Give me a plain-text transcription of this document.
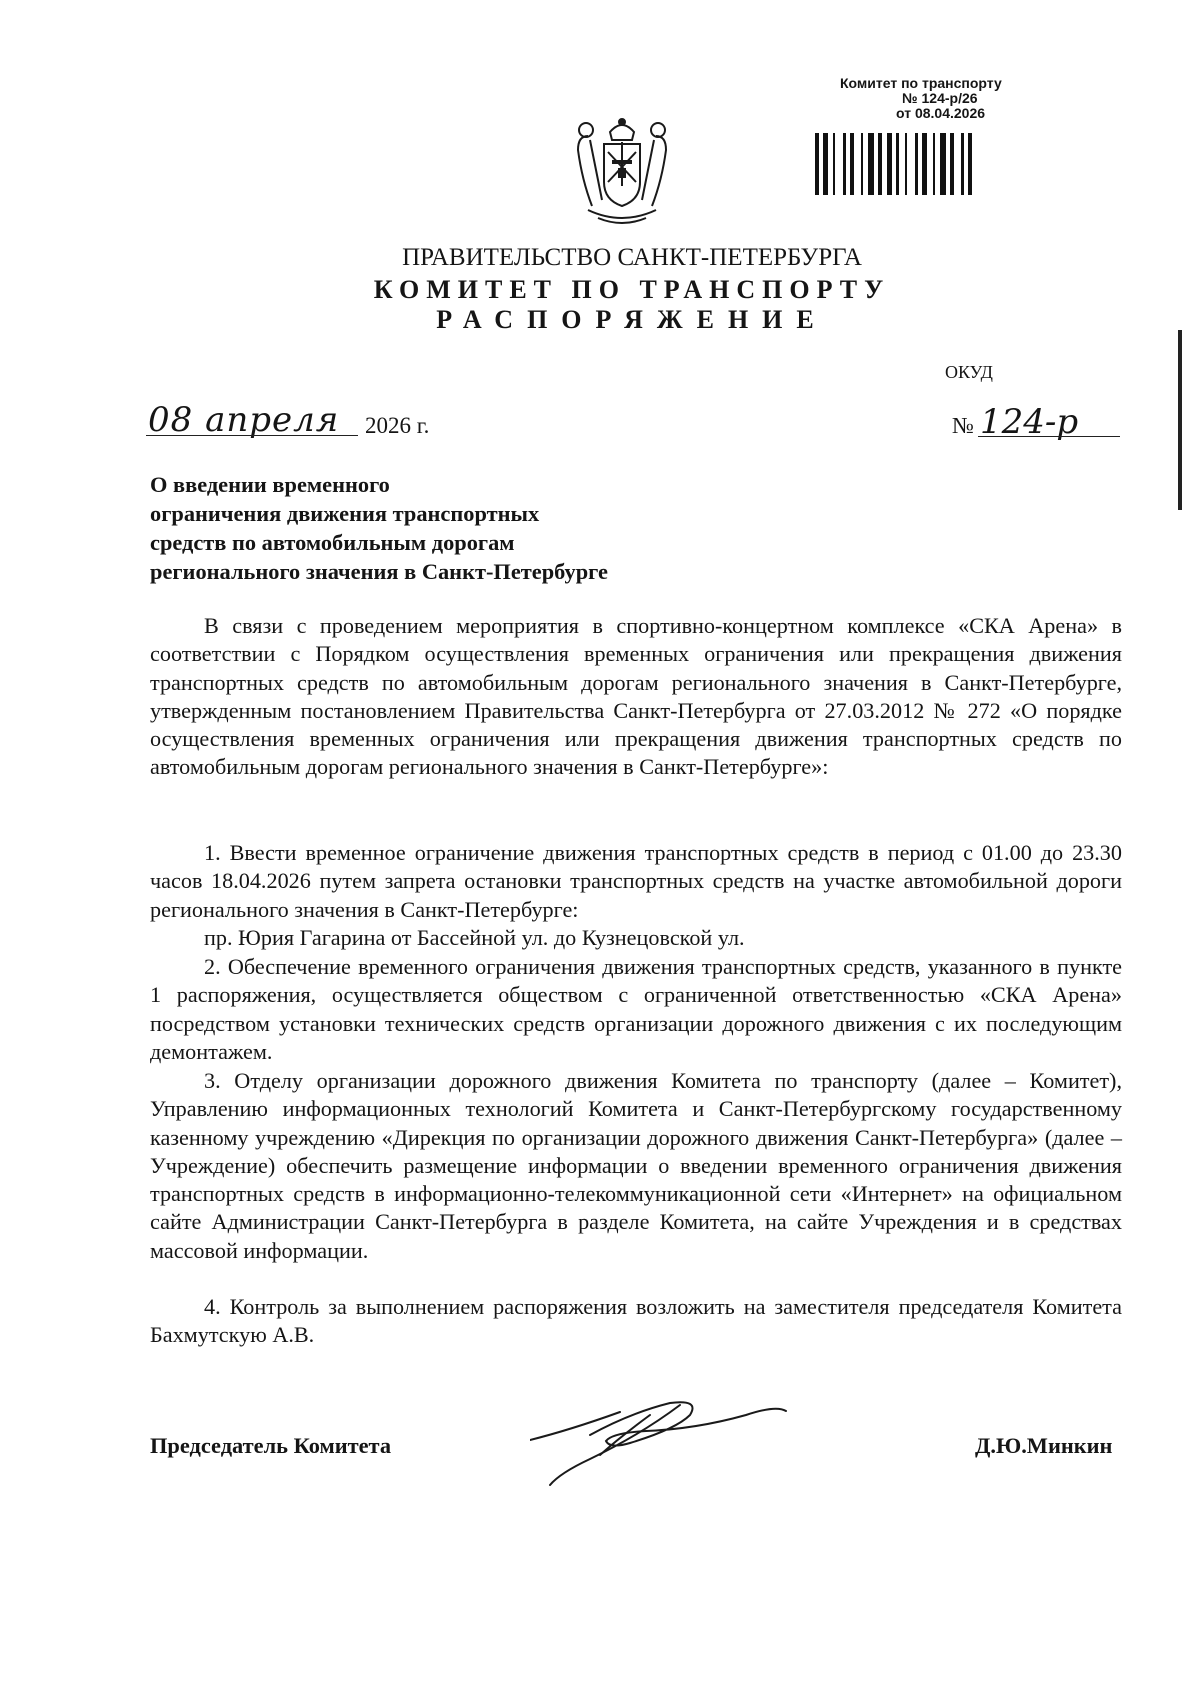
Комитет по транспорту
№ 124-р/26
от 08.04.2026
ПРАВИТЕЛЬСТВО САНКТ-ПЕТЕРБУРГА
КОМИТЕТ ПО ТРАНСПОРТУ
РАСПОРЯЖЕНИЕ
ОКУД
08 апреля 2026 г.	№ 124-р
О введении временного
ограничения движения транспортных
средств по автомобильным дорогам
регионального значения в Санкт-Петербурге
В связи с проведением мероприятия в спортивно-концертном комплексе «СКА Арена» в соответствии с Порядком осуществления временных ограничения или прекращения движения транспортных средств по автомобильным дорогам регионального значения в Санкт-Петербурге, утвержденным постановлением Правительства Санкт-Петербурга от 27.03.2012 № 272 «О порядке осуществления временных ограничения или прекращения движения транспортных средств по автомобильным дорогам регионального значения в Санкт-Петербурге»:
1. Ввести временное ограничение движения транспортных средств в период с 01.00 до 23.30 часов 18.04.2026 путем запрета остановки транспортных средств на участке автомобильной дороги регионального значения в Санкт-Петербурге:
пр. Юрия Гагарина от Бассейной ул. до Кузнецовской ул.
2. Обеспечение временного ограничения движения транспортных средств, указанного в пункте 1 распоряжения, осуществляется обществом с ограниченной ответственностью «СКА Арена» посредством установки технических средств организации дорожного движения с их последующим демонтажем.
3. Отделу организации дорожного движения Комитета по транспорту (далее – Комитет), Управлению информационных технологий Комитета и Санкт-Петербургскому государственному казенному учреждению «Дирекция по организации дорожного движения Санкт-Петербурга» (далее – Учреждение) обеспечить размещение информации о введении временного ограничения движения транспортных средств в информационно-телекоммуникационной сети «Интернет» на официальном сайте Администрации Санкт-Петербурга в разделе Комитета, на сайте Учреждения и в средствах массовой информации.
4. Контроль за выполнением распоряжения возложить на заместителя председателя Комитета Бахмутскую А.В.
Председатель Комитета	Д.Ю.Минкин
